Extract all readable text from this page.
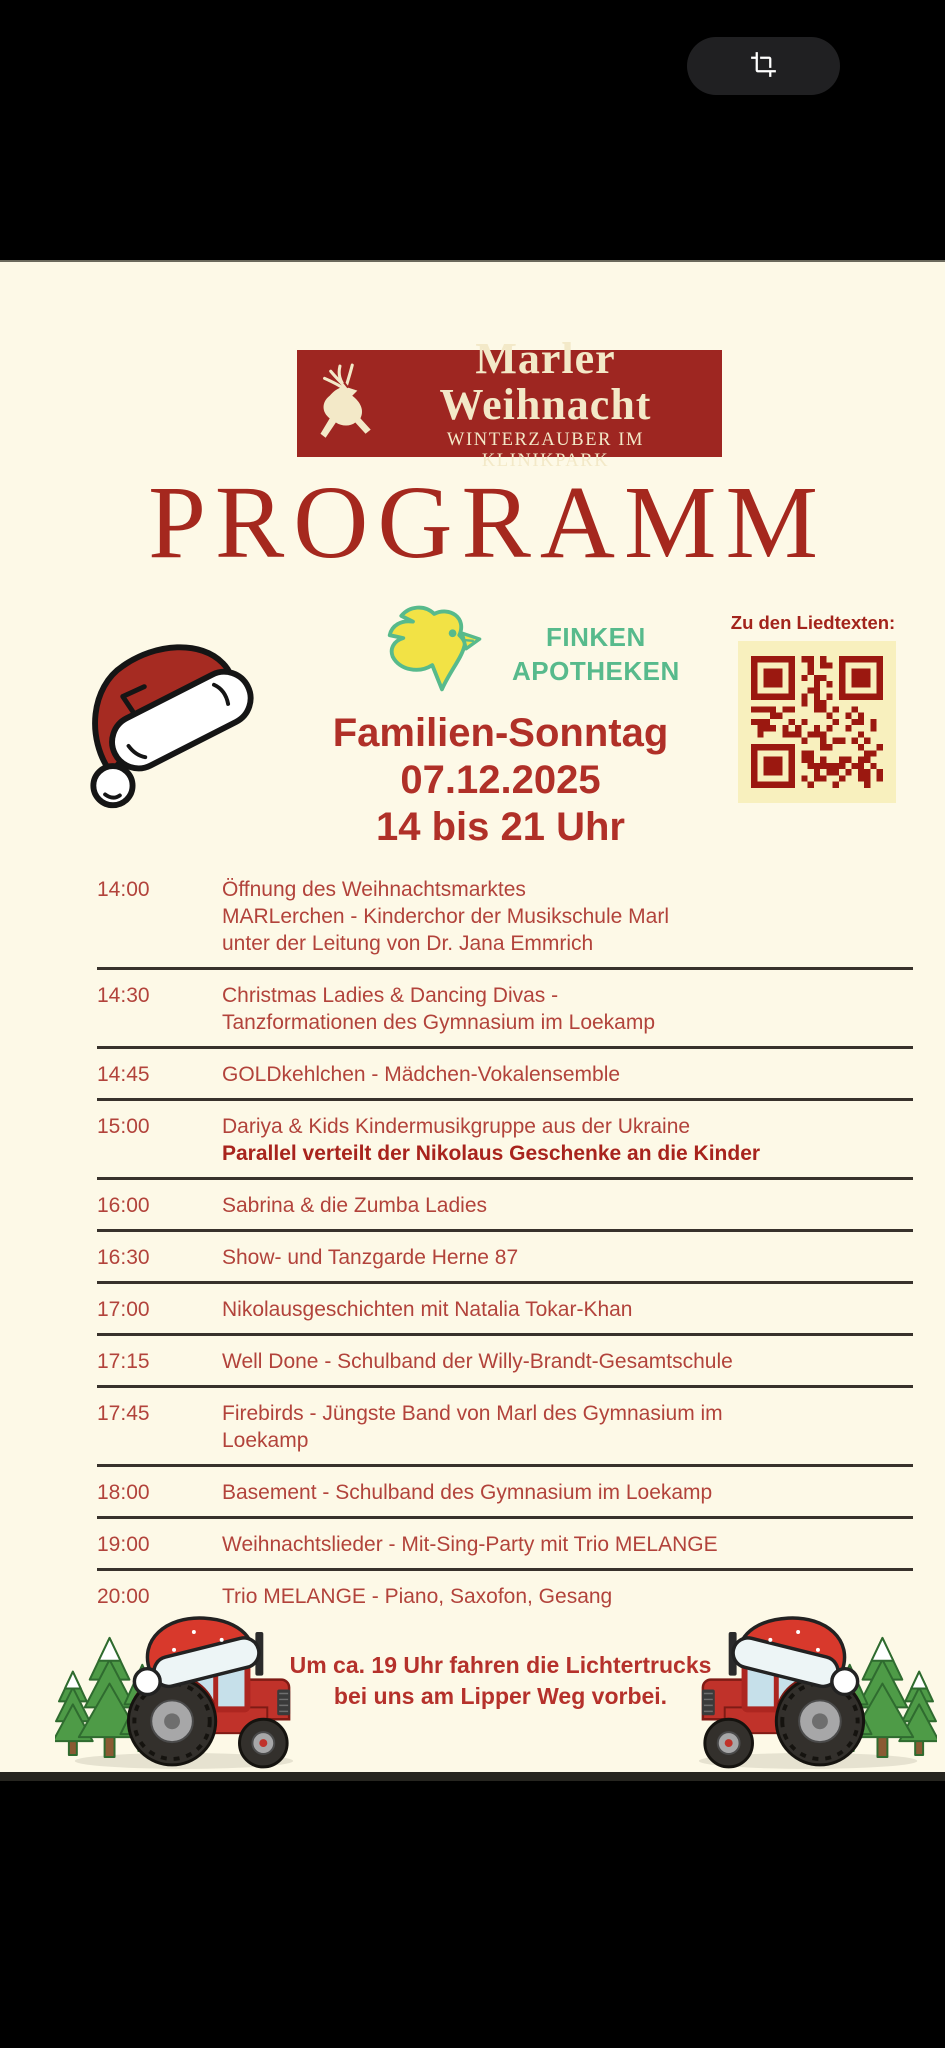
Marler Weihnacht
WINTERZAUBER IM KLINIKPARK
PROGRAMM
FINKEN
APOTHEKEN
Zu den Liedtexten:
Familien-Sonntag
07.12.2025
14 bis 21 Uhr
14:00	Öffnung des Weihnachtsmarktes
MARLerchen - Kinderchor der Musikschule Marl
unter der Leitung von Dr. Jana Emmrich
14:30	Christmas Ladies & Dancing Divas -
Tanzformationen des Gymnasium im Loekamp
14:45	GOLDkehlchen - Mädchen-Vokalensemble
15:00	Dariya & Kids Kindermusikgruppe aus der Ukraine
Parallel verteilt der Nikolaus Geschenke an die Kinder
16:00	Sabrina & die Zumba Ladies
16:30	Show- und Tanzgarde Herne 87
17:00	Nikolausgeschichten mit Natalia Tokar-Khan
17:15	Well Done - Schulband der Willy-Brandt-Gesamtschule
17:45	Firebirds - Jüngste Band von Marl des Gymnasium im
Loekamp
18:00	Basement - Schulband des Gymnasium im Loekamp
19:00	Weihnachtslieder - Mit-Sing-Party mit Trio MELANGE
20:00	Trio MELANGE - Piano, Saxofon, Gesang
Um ca. 19 Uhr fahren die Lichtertrucks
bei uns am Lipper Weg vorbei.
